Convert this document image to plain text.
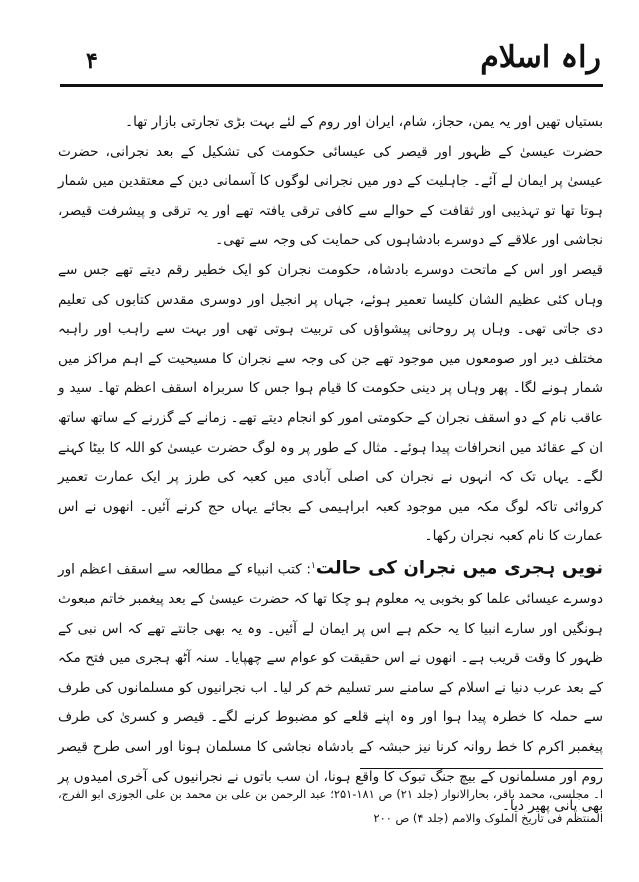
۴	راہ اسلام

بستیاں تھیں اور یہ یمن، حجاز، شام، ایران اور روم کے لئے بہت بڑی تجارتی بازار تھا۔

حضرت عیسیٰ کے ظہور اور قیصر کی عیسائی حکومت کی تشکیل کے بعد نجرانی، حضرت عیسیٰ پر ایمان لے آئے۔ جاہلیت کے دور میں نجرانی لوگوں کا آسمانی دین کے معتقدین میں شمار ہوتا تھا تو تہذیبی اور ثقافت کے حوالے سے کافی ترقی یافتہ تھے اور یہ ترقی و پیشرفت قیصر، نجاشی اور علاقے کے دوسرے بادشاہوں کی حمایت کی وجہ سے تھی۔

قیصر اور اس کے ماتحت دوسرے بادشاہ، حکومت نجران کو ایک خطیر رقم دیتے تھے جس سے وہاں کئی عظیم الشان کلیسا تعمیر ہوئے، جہاں پر انجیل اور دوسری مقدس کتابوں کی تعلیم دی جاتی تھی۔ وہاں پر روحانی پیشواؤں کی تربیت ہوتی تھی اور بہت سے راہب اور راہبہ مختلف دیر اور صومعوں میں موجود تھے جن کی وجہ سے نجران کا مسیحیت کے اہم مراکز میں شمار ہونے لگا۔ پھر وہاں پر دینی حکومت کا قیام ہوا جس کا سربراہ اسقف اعظم تھا۔ سید و عاقب نام کے دو اسقف نجران کے حکومتی امور کو انجام دیتے تھے۔ زمانے کے گزرنے کے ساتھ ساتھ ان کے عقائد میں انحرافات پیدا ہوئے۔ مثال کے طور پر وہ لوگ حضرت عیسیٰ کو اللہ کا بیٹا کہنے لگے۔ یہاں تک کہ انہوں نے نجران کی اصلی آبادی میں کعبہ کی طرز پر ایک عمارت تعمیر کروائی تاکہ لوگ مکہ میں موجود کعبہ ابراہیمی کے بجائے یہاں حج کرنے آئیں۔ انھوں نے اس عمارت کا نام کعبہ نجران رکھا۔

نویں ہجری میں نجران کی حالت$^۱$: کتب انبیاء کے مطالعہ سے اسقف اعظم اور دوسرے عیسائی علما کو بخوبی یہ معلوم ہو چکا تھا کہ حضرت عیسیٰ کے بعد پیغمبر خاتم مبعوث ہونگیں اور سارے انبیا کا یہ حکم ہے اس پر ایمان لے آئیں۔ وہ یہ بھی جانتے تھے کہ اس نبی کے ظہور کا وقت قریب ہے۔ انھوں نے اس حقیقت کو عوام سے چھپایا۔ سنہ آٹھ ہجری میں فتح مکہ کے بعد عرب دنیا نے اسلام کے سامنے سر تسلیم خم کر لیا۔ اب نجرانیوں کو مسلمانوں کی طرف سے حملہ کا خطرہ پیدا ہوا اور وہ اپنے قلعے کو مضبوط کرنے لگے۔ قیصر و کسریٰ کی طرف پیغمبر اکرم کا خط روانہ کرنا نیز حبشہ کے بادشاہ نجاشی کا مسلمان ہونا اور اسی طرح قیصر روم اور مسلمانوں کے بیچ جنگ تبوک کا واقع ہونا، ان سب باتوں نے نجرانیوں کی آخری امیدوں پر بھی پانی پھیر دیا۔

ا۔ مجلسی، محمد باقر، بحارالانوار (جلد ۲۱) ص ۱۸۱-۲۵۱؛ عبد الرحمن بن علی بن محمد بن علی الجوزی ابو الفرج، المنتظم فی تاریخ الملوک والامم (جلد ۴) ص ۲۰۰
